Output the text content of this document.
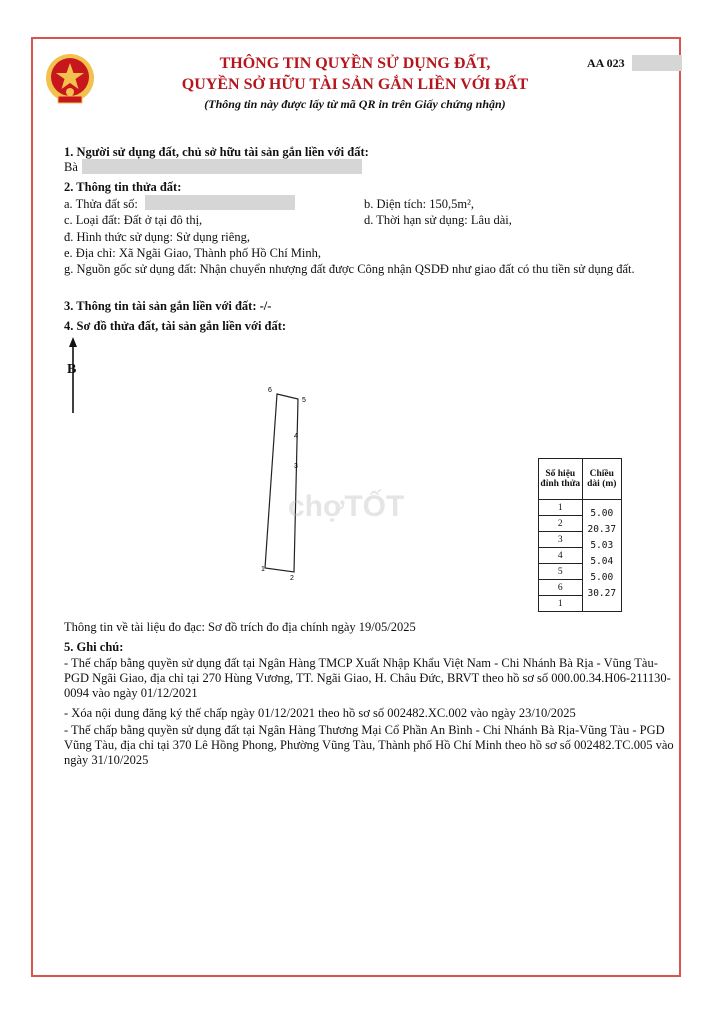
THÔNG TIN QUYỀN SỬ DỤNG ĐẤT,
QUYỀN SỞ HỮU TÀI SẢN GẮN LIỀN VỚI ĐẤT
(Thông tin này được lấy từ mã QR in trên Giấy chứng nhận)
AA 023
1. Người sử dụng đất, chủ sở hữu tài sản gắn liền với đất:
Bà
2. Thông tin thửa đất:
a. Thửa đất số:	b. Diện tích: 150,5m²,
c. Loại đất: Đất ở tại đô thị,	d. Thời hạn sử dụng: Lâu dài,
đ. Hình thức sử dụng: Sử dụng riêng,
e. Địa chỉ: Xã Ngãi Giao, Thành phố Hồ Chí Minh,
g. Nguồn gốc sử dụng đất: Nhận chuyển nhượng đất được Công nhận QSDĐ như giao đất có thu tiền sử dụng đất.
3. Thông tin tài sản gắn liền với đất: -/-
4. Sơ đồ thửa đất, tài sản gắn liền với đất:
B
1
2
3
4
5
6
chợTỐT
Số hiệu đỉnh thửa	Chiều dài (m)
1	5.00

2	20.37

3	5.03

4	5.04

5	5.00

6	30.27

1	
Thông tin về tài liệu đo đạc: Sơ đồ trích đo địa chính ngày 19/05/2025
5. Ghi chú:
- Thế chấp bằng quyền sử dụng đất tại Ngân Hàng TMCP Xuất Nhập Khẩu Việt Nam - Chi Nhánh Bà Rịa - Vũng Tàu-PGD Ngãi Giao, địa chỉ tại 270 Hùng Vương, TT. Ngãi Giao, H. Châu Đức, BRVT theo hồ sơ số 000.00.34.H06-211130-0094 vào ngày 01/12/2021
- Xóa nội dung đăng ký thế chấp ngày 01/12/2021 theo hồ sơ số 002482.XC.002 vào ngày 23/10/2025
- Thế chấp bằng quyền sử dụng đất tại Ngân Hàng Thương Mại Cổ Phần An Bình - Chi Nhánh Bà Rịa-Vũng Tàu - PGD Vũng Tàu, địa chỉ tại 370 Lê Hồng Phong, Phường Vũng Tàu, Thành phố Hồ Chí Minh theo hồ sơ số 002482.TC.005 vào ngày 31/10/2025
